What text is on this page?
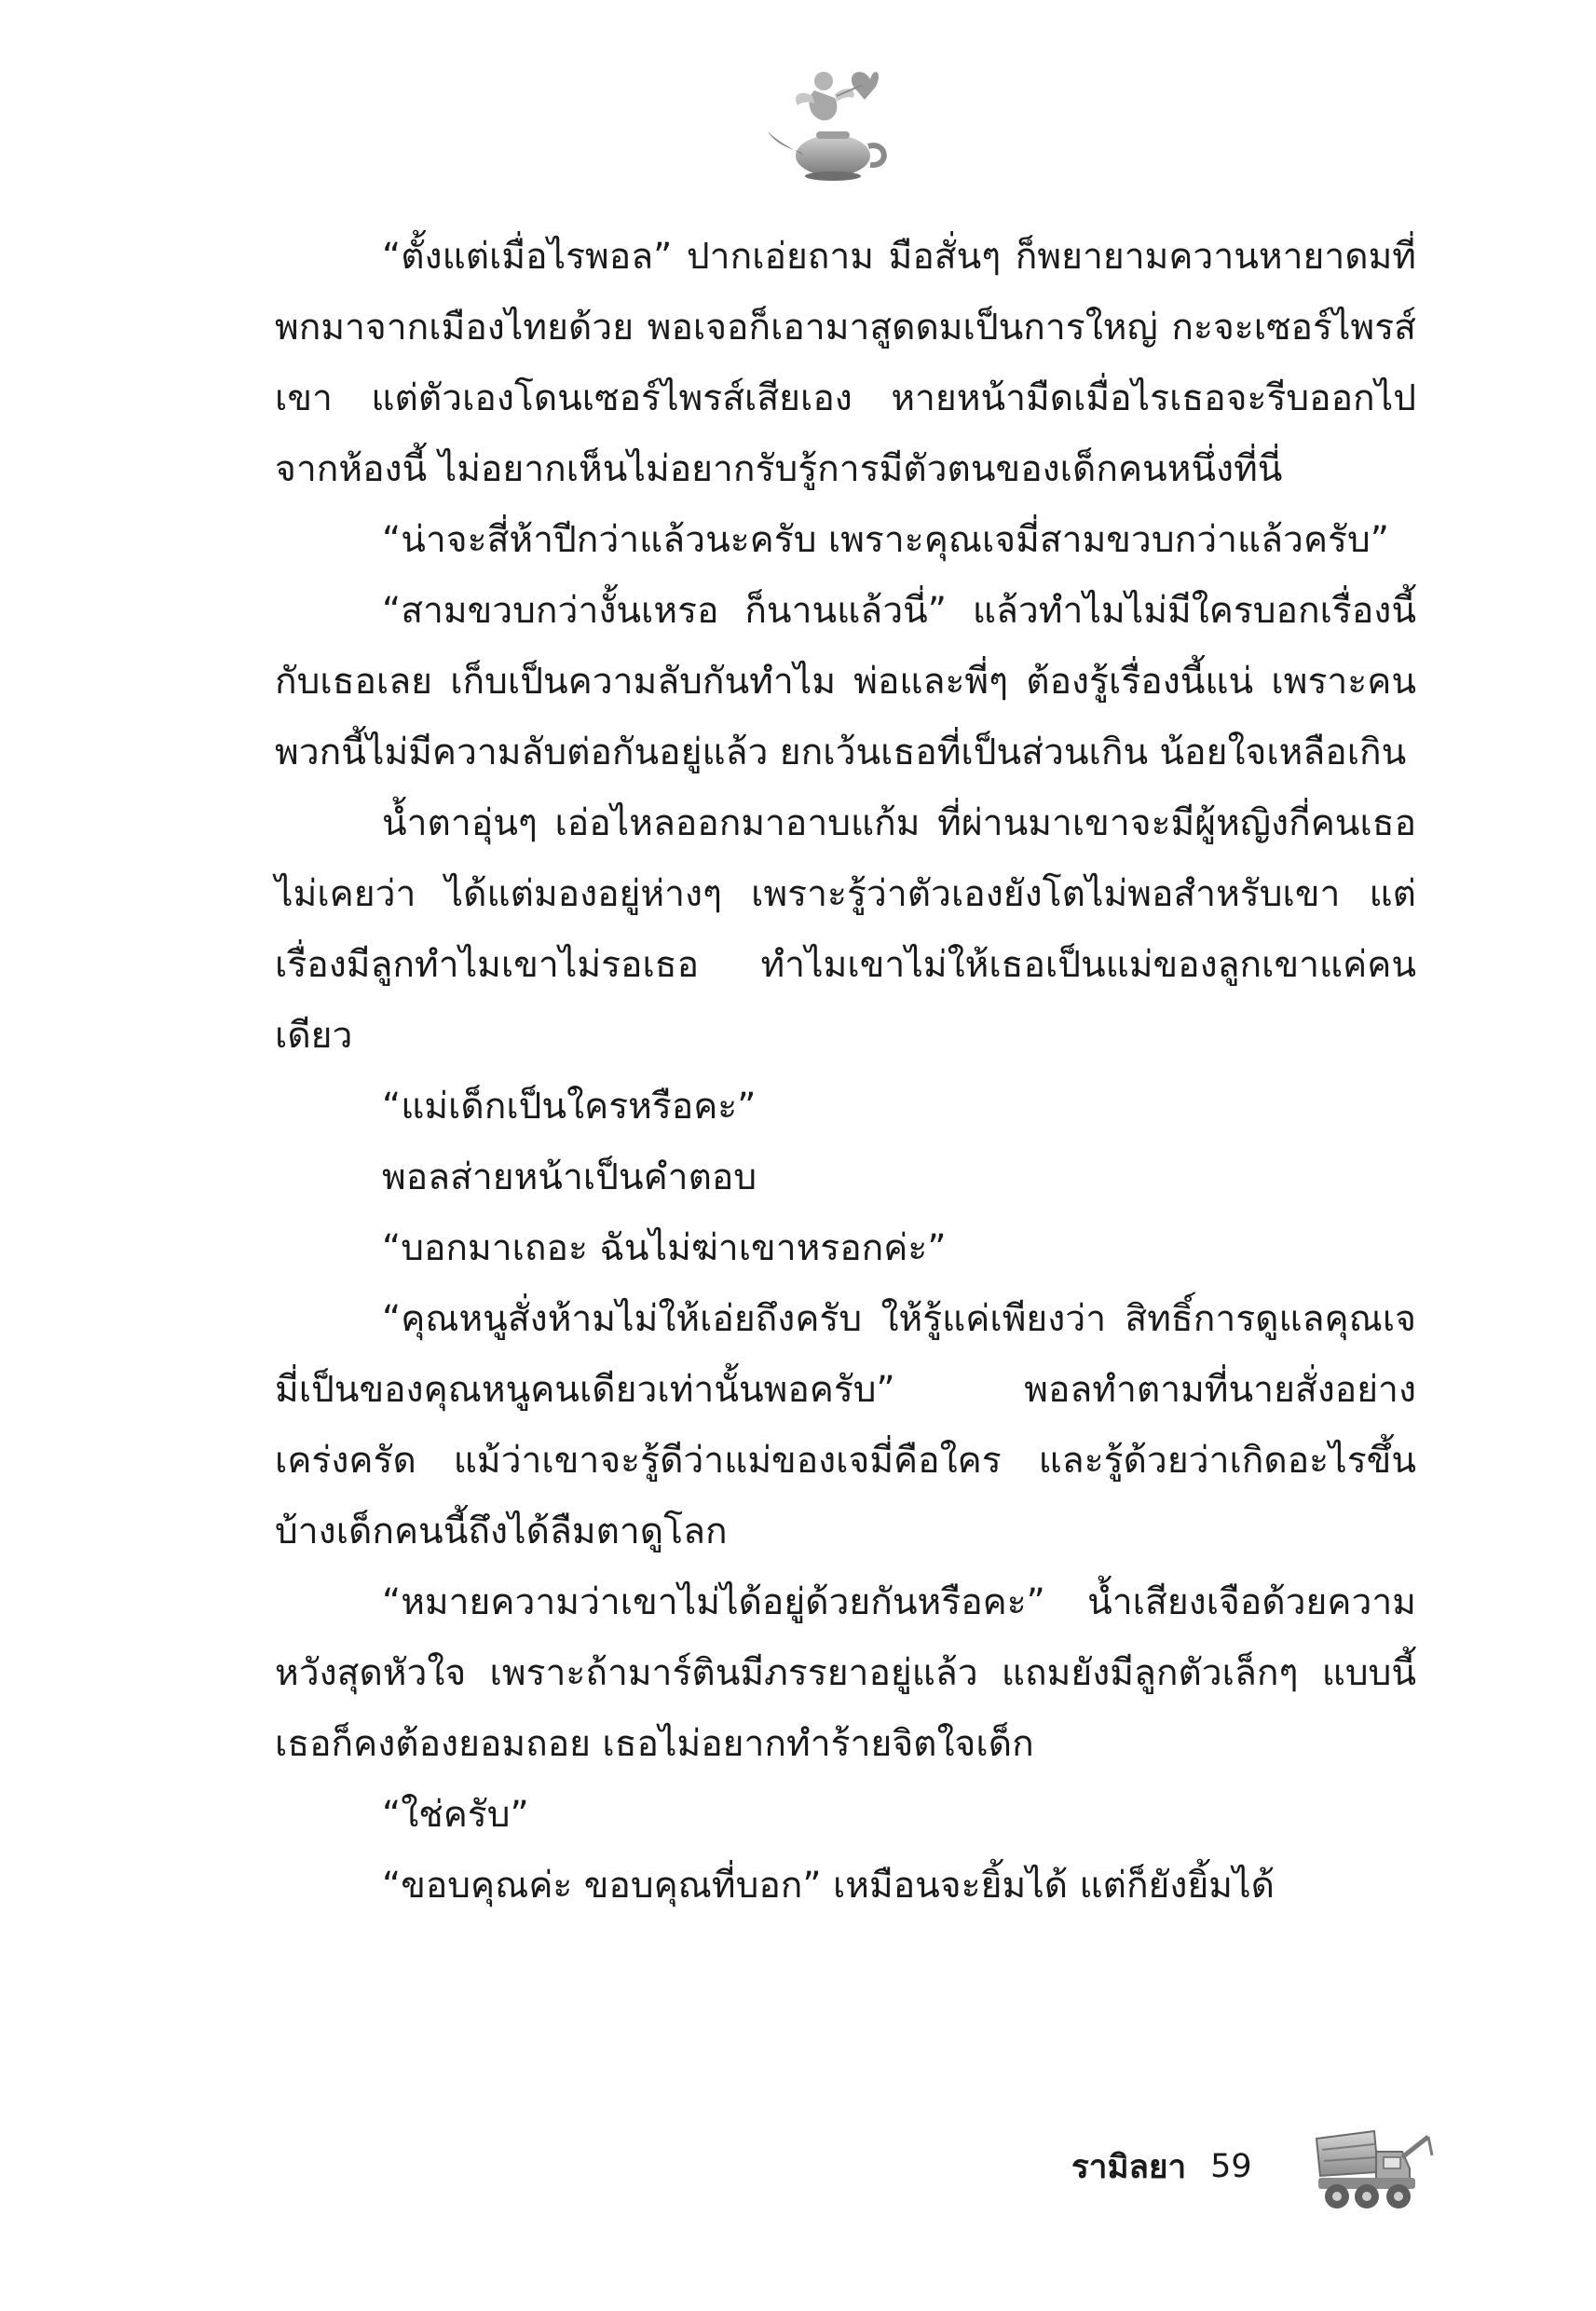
“ตั้งแต่เมื่อไรพอล” ปากเอ่ยถาม มือสั่นๆ ก็พยายามควานหายาดมที่พกมาจากเมืองไทยด้วย พอเจอก็เอามาสูดดมเป็นการใหญ่ กะจะเซอร์ไพรส์เขา แต่ตัวเองโดนเซอร์ไพรส์เสียเอง หายหน้ามืดเมื่อไรเธอจะรีบออกไปจากห้องนี้ ไม่อยากเห็นไม่อยากรับรู้การมีตัวตนของเด็กคนหนึ่งที่นี่

“น่าจะสี่ห้าปีกว่าแล้วนะครับ เพราะคุณเจมี่สามขวบกว่าแล้วครับ”

“สามขวบกว่างั้นเหรอ ก็นานแล้วนี่” แล้วทำไมไม่มีใครบอกเรื่องนี้กับเธอเลย เก็บเป็นความลับกันทำไม พ่อและพี่ๆ ต้องรู้เรื่องนี้แน่ เพราะคนพวกนี้ไม่มีความลับต่อกันอยู่แล้ว ยกเว้นเธอที่เป็นส่วนเกิน น้อยใจเหลือเกิน

น้ำตาอุ่นๆ เอ่อไหลออกมาอาบแก้ม ที่ผ่านมาเขาจะมีผู้หญิงกี่คนเธอไม่เคยว่า ได้แต่มองอยู่ห่างๆ เพราะรู้ว่าตัวเองยังโตไม่พอสำหรับเขา แต่เรื่องมีลูกทำไมเขาไม่รอเธอ ทำไมเขาไม่ให้เธอเป็นแม่ของลูกเขาแค่คนเดียว

“แม่เด็กเป็นใครหรือคะ”

พอลส่ายหน้าเป็นคำตอบ

“บอกมาเถอะ ฉันไม่ฆ่าเขาหรอกค่ะ”

“คุณหนูสั่งห้ามไม่ให้เอ่ยถึงครับ ให้รู้แค่เพียงว่า สิทธิ์การดูแลคุณเจมี่เป็นของคุณหนูคนเดียวเท่านั้นพอครับ” พอลทำตามที่นายสั่งอย่างเคร่งครัด แม้ว่าเขาจะรู้ดีว่าแม่ของเจมี่คือใคร และรู้ด้วยว่าเกิดอะไรขึ้นบ้างเด็กคนนี้ถึงได้ลืมตาดูโลก

“หมายความว่าเขาไม่ได้อยู่ด้วยกันหรือคะ” น้ำเสียงเจือด้วยความหวังสุดหัวใจ เพราะถ้ามาร์ตินมีภรรยาอยู่แล้ว แถมยังมีลูกตัวเล็กๆ แบบนี้ เธอก็คงต้องยอมถอย เธอไม่อยากทำร้ายจิตใจเด็ก

“ใช่ครับ”

“ขอบคุณค่ะ ขอบคุณที่บอก” เหมือนจะยิ้มได้ แต่ก็ยังยิ้มได้

รามิลยา 59
